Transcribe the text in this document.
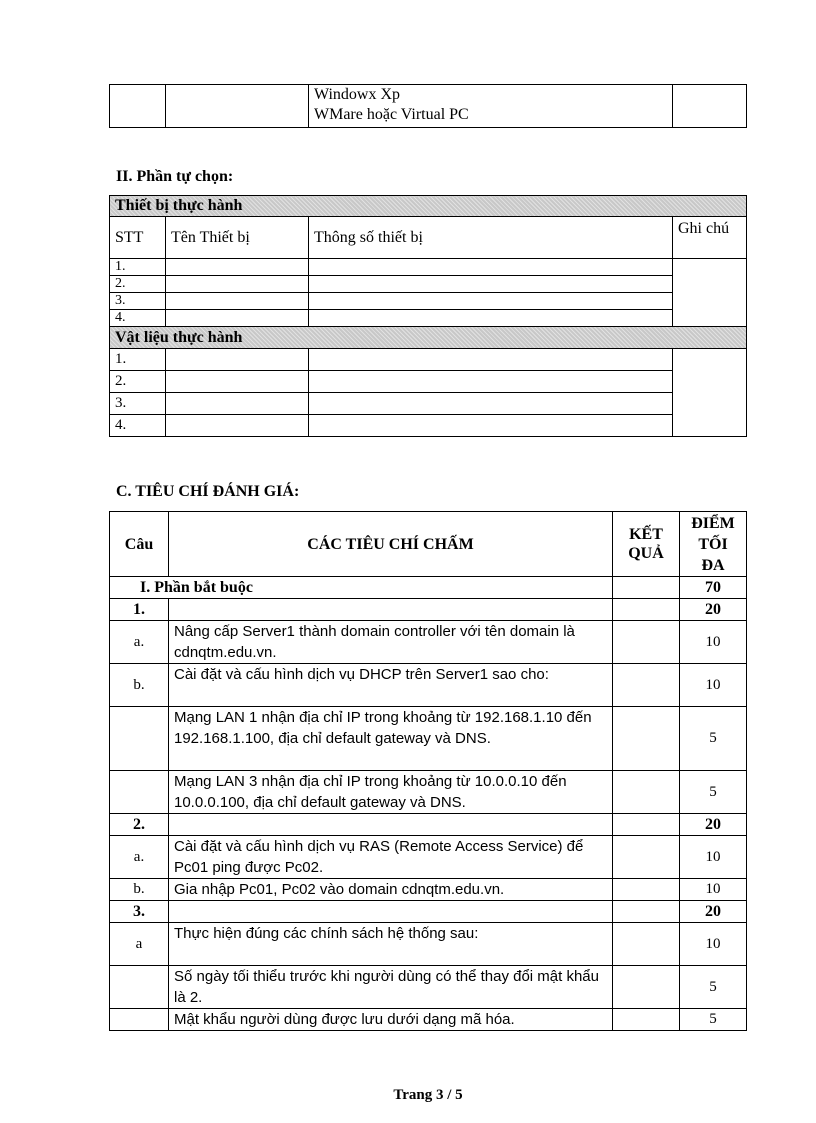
Windowx Xp
WMare hoặc Virtual PC

II. Phần tự chọn:
Thiết bị thực hành			
STT	Tên Thiết bị	Thông số thiết bị	Ghi chú
1.			
2.			
3.			
4.			
Vật liệu thực hành			
1.			
2.			
3.			
4.			
C. TIÊU CHÍ ĐÁNH GIÁ:
Câu	CÁC TIÊU CHÍ CHẤM	KẾT QUẢ	ĐIỂM TỐI ĐA
I. Phần bắt buộc			70
1.			20
a.	Nâng cấp Server1 thành domain controller với tên domain là cdnqtm.edu.vn.		10
b.	Cài đặt và cấu hình dịch vụ DHCP trên Server1 sao cho:		10
	Mạng LAN 1 nhận địa chỉ IP trong khoảng từ 192.168.1.10 đến 192.168.1.100, địa chỉ default gateway và DNS.		5
	Mạng LAN 3 nhận địa chỉ IP trong khoảng từ 10.0.0.10 đến 10.0.0.100, địa chỉ default gateway và DNS.		5
2.			20
a.	Cài đặt và cấu hình dịch vụ RAS (Remote Access Service) để Pc01 ping được Pc02.		10
b.	Gia nhập Pc01, Pc02 vào domain cdnqtm.edu.vn.		10
3.			20
a	Thực hiện đúng các chính sách hệ thống sau:		10
	Số ngày tối thiểu trước khi người dùng có thể thay đổi mật khẩu là 2.		5
	Mật khẩu người dùng được lưu dưới dạng mã hóa.		5
Trang 3 / 5
